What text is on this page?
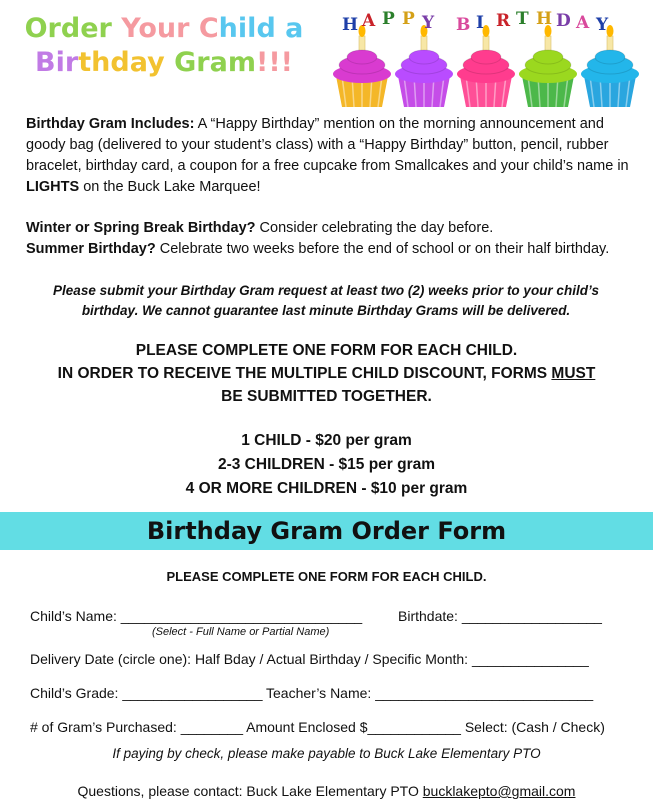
Order Your Child a
Birthday Gram!!!
H A P P Y B I R T H D A Y
Birthday Gram Includes: A “Happy Birthday” mention on the morning announcement and goody bag (delivered to your student’s class) with a “Happy Birthday” button, pencil, rubber bracelet, birthday card, a coupon for a free cupcake from Smallcakes and your child’s name in LIGHTS on the Buck Lake Marquee!
Winter or Spring Break Birthday? Consider celebrating the day before.
Summer Birthday? Celebrate two weeks before the end of school or on their half birthday.
Please submit your Birthday Gram request at least two (2) weeks prior to your child’s birthday. We cannot guarantee last minute Birthday Grams will be delivered.
PLEASE COMPLETE ONE FORM FOR EACH CHILD.
IN ORDER TO RECEIVE THE MULTIPLE CHILD DISCOUNT, FORMS MUST
BE SUBMITTED TOGETHER.
1 CHILD - $20 per gram
2-3 CHILDREN - $15 per gram
4 OR MORE CHILDREN - $10 per gram
Birthday Gram Order Form
PLEASE COMPLETE ONE FORM FOR EACH CHILD.
Child’s Name: _______________________________	Birthdate: __________________
(Select - Full Name or Partial Name)
Delivery Date (circle one): Half Bday / Actual Birthday / Specific Month: _______________
Child’s Grade: __________________ Teacher’s Name: ____________________________
# of Gram’s Purchased: ________ Amount Enclosed $____________ Select: (Cash / Check)
If paying by check, please make payable to Buck Lake Elementary PTO
Questions, please contact: Buck Lake Elementary PTO bucklakepto@gmail.com
